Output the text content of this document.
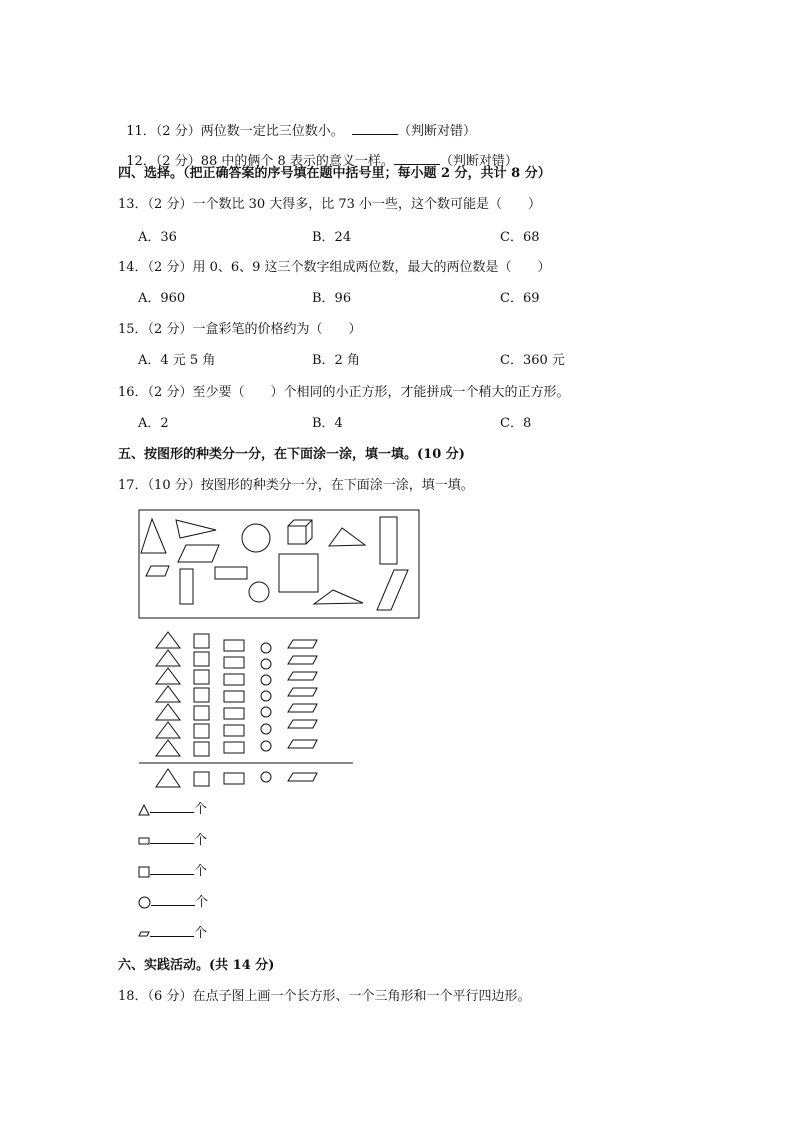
11．（2 分）两位数一定比三位数小。	（判断对错）

12．（2 分）88 中的俩个 8 表示的意义一样。	（判断对错）

四、选择。（把正确答案的序号填在题中括号里；每小题 2 分，共计 8 分）
13．（2 分）一个数比 30 大得多，比 73 小一些，这个数可能是（　　）
A．36	B．24	C．68
14．（2 分）用 0、6、9 这三个数字组成两位数，最大的两位数是（　　）
A．960	B．96	C．69
15．（2 分）一盒彩笔的价格约为（　　）
A．4 元 5 角	B．2 角	C．360 元
16．（2 分）至少要（　　）个相同的小正方形，才能拼成一个稍大的正方形。
A．2	B．4	C．8
五、按图形的种类分一分，在下面涂一涂，填一填。(10 分)
17．（10 分）按图形的种类分一分，在下面涂一涂，填一填。
个
个
个
个
个
六、实践活动。(共 14 分)
18．（6 分）在点子图上画一个长方形、一个三角形和一个平行四边形。
